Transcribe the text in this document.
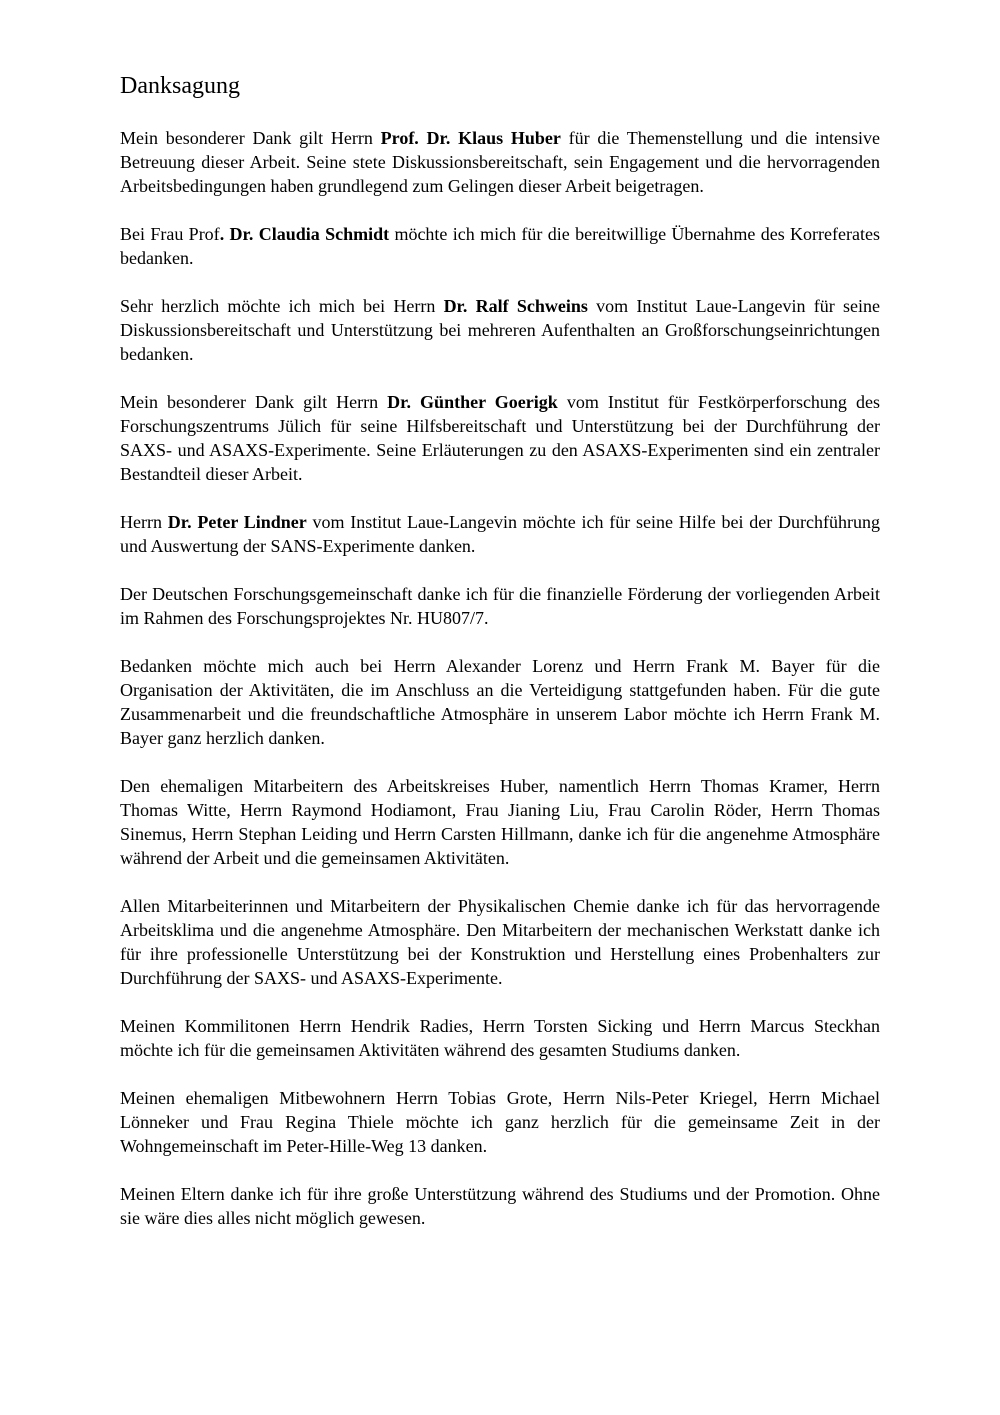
Danksagung

Mein besonderer Dank gilt Herrn Prof. Dr. Klaus Huber für die Themenstellung und die intensive Betreuung dieser Arbeit. Seine stete Diskussionsbereitschaft, sein Engagement und die hervorragenden Arbeitsbedingungen haben grundlegend zum Gelingen dieser Arbeit beigetragen.

Bei Frau Prof. Dr. Claudia Schmidt möchte ich mich für die bereitwillige Übernahme des Korreferates bedanken.

Sehr herzlich möchte ich mich bei Herrn Dr. Ralf Schweins vom Institut Laue-Langevin für seine Diskussionsbereitschaft und Unterstützung bei mehreren Aufenthalten an Großforschungseinrichtungen bedanken.

Mein besonderer Dank gilt Herrn Dr. Günther Goerigk vom Institut für Festkörperforschung des Forschungszentrums Jülich für seine Hilfsbereitschaft und Unterstützung bei der Durchführung der SAXS- und ASAXS-Experimente. Seine Erläuterungen zu den ASAXS-Experimenten sind ein zentraler Bestandteil dieser Arbeit.

Herrn Dr. Peter Lindner vom Institut Laue-Langevin möchte ich für seine Hilfe bei der Durchführung und Auswertung der SANS-Experimente danken.

Der Deutschen Forschungsgemeinschaft danke ich für die finanzielle Förderung der vorliegenden Arbeit im Rahmen des Forschungsprojektes Nr. HU807/7.

Bedanken möchte mich auch bei Herrn Alexander Lorenz und Herrn Frank M. Bayer für die Organisation der Aktivitäten, die im Anschluss an die Verteidigung stattgefunden haben. Für die gute Zusammenarbeit und die freundschaftliche Atmosphäre in unserem Labor möchte ich Herrn Frank M. Bayer ganz herzlich danken.

Den ehemaligen Mitarbeitern des Arbeitskreises Huber, namentlich Herrn Thomas Kramer, Herrn Thomas Witte, Herrn Raymond Hodiamont, Frau Jianing Liu, Frau Carolin Röder, Herrn Thomas Sinemus, Herrn Stephan Leiding und Herrn Carsten Hillmann, danke ich für die angenehme Atmosphäre während der Arbeit und die gemeinsamen Aktivitäten.

Allen Mitarbeiterinnen und Mitarbeitern der Physikalischen Chemie danke ich für das hervorragende Arbeitsklima und die angenehme Atmosphäre. Den Mitarbeitern der mechanischen Werkstatt danke ich für ihre professionelle Unterstützung bei der Konstruktion und Herstellung eines Probenhalters zur Durchführung der SAXS- und ASAXS-Experimente.

Meinen Kommilitonen Herrn Hendrik Radies, Herrn Torsten Sicking und Herrn Marcus Steckhan möchte ich für die gemeinsamen Aktivitäten während des gesamten Studiums danken.

Meinen ehemaligen Mitbewohnern Herrn Tobias Grote, Herrn Nils-Peter Kriegel, Herrn Michael Lönneker und Frau Regina Thiele möchte ich ganz herzlich für die gemeinsame Zeit in der Wohngemeinschaft im Peter-Hille-Weg 13 danken.

Meinen Eltern danke ich für ihre große Unterstützung während des Studiums und der Promotion. Ohne sie wäre dies alles nicht möglich gewesen.
